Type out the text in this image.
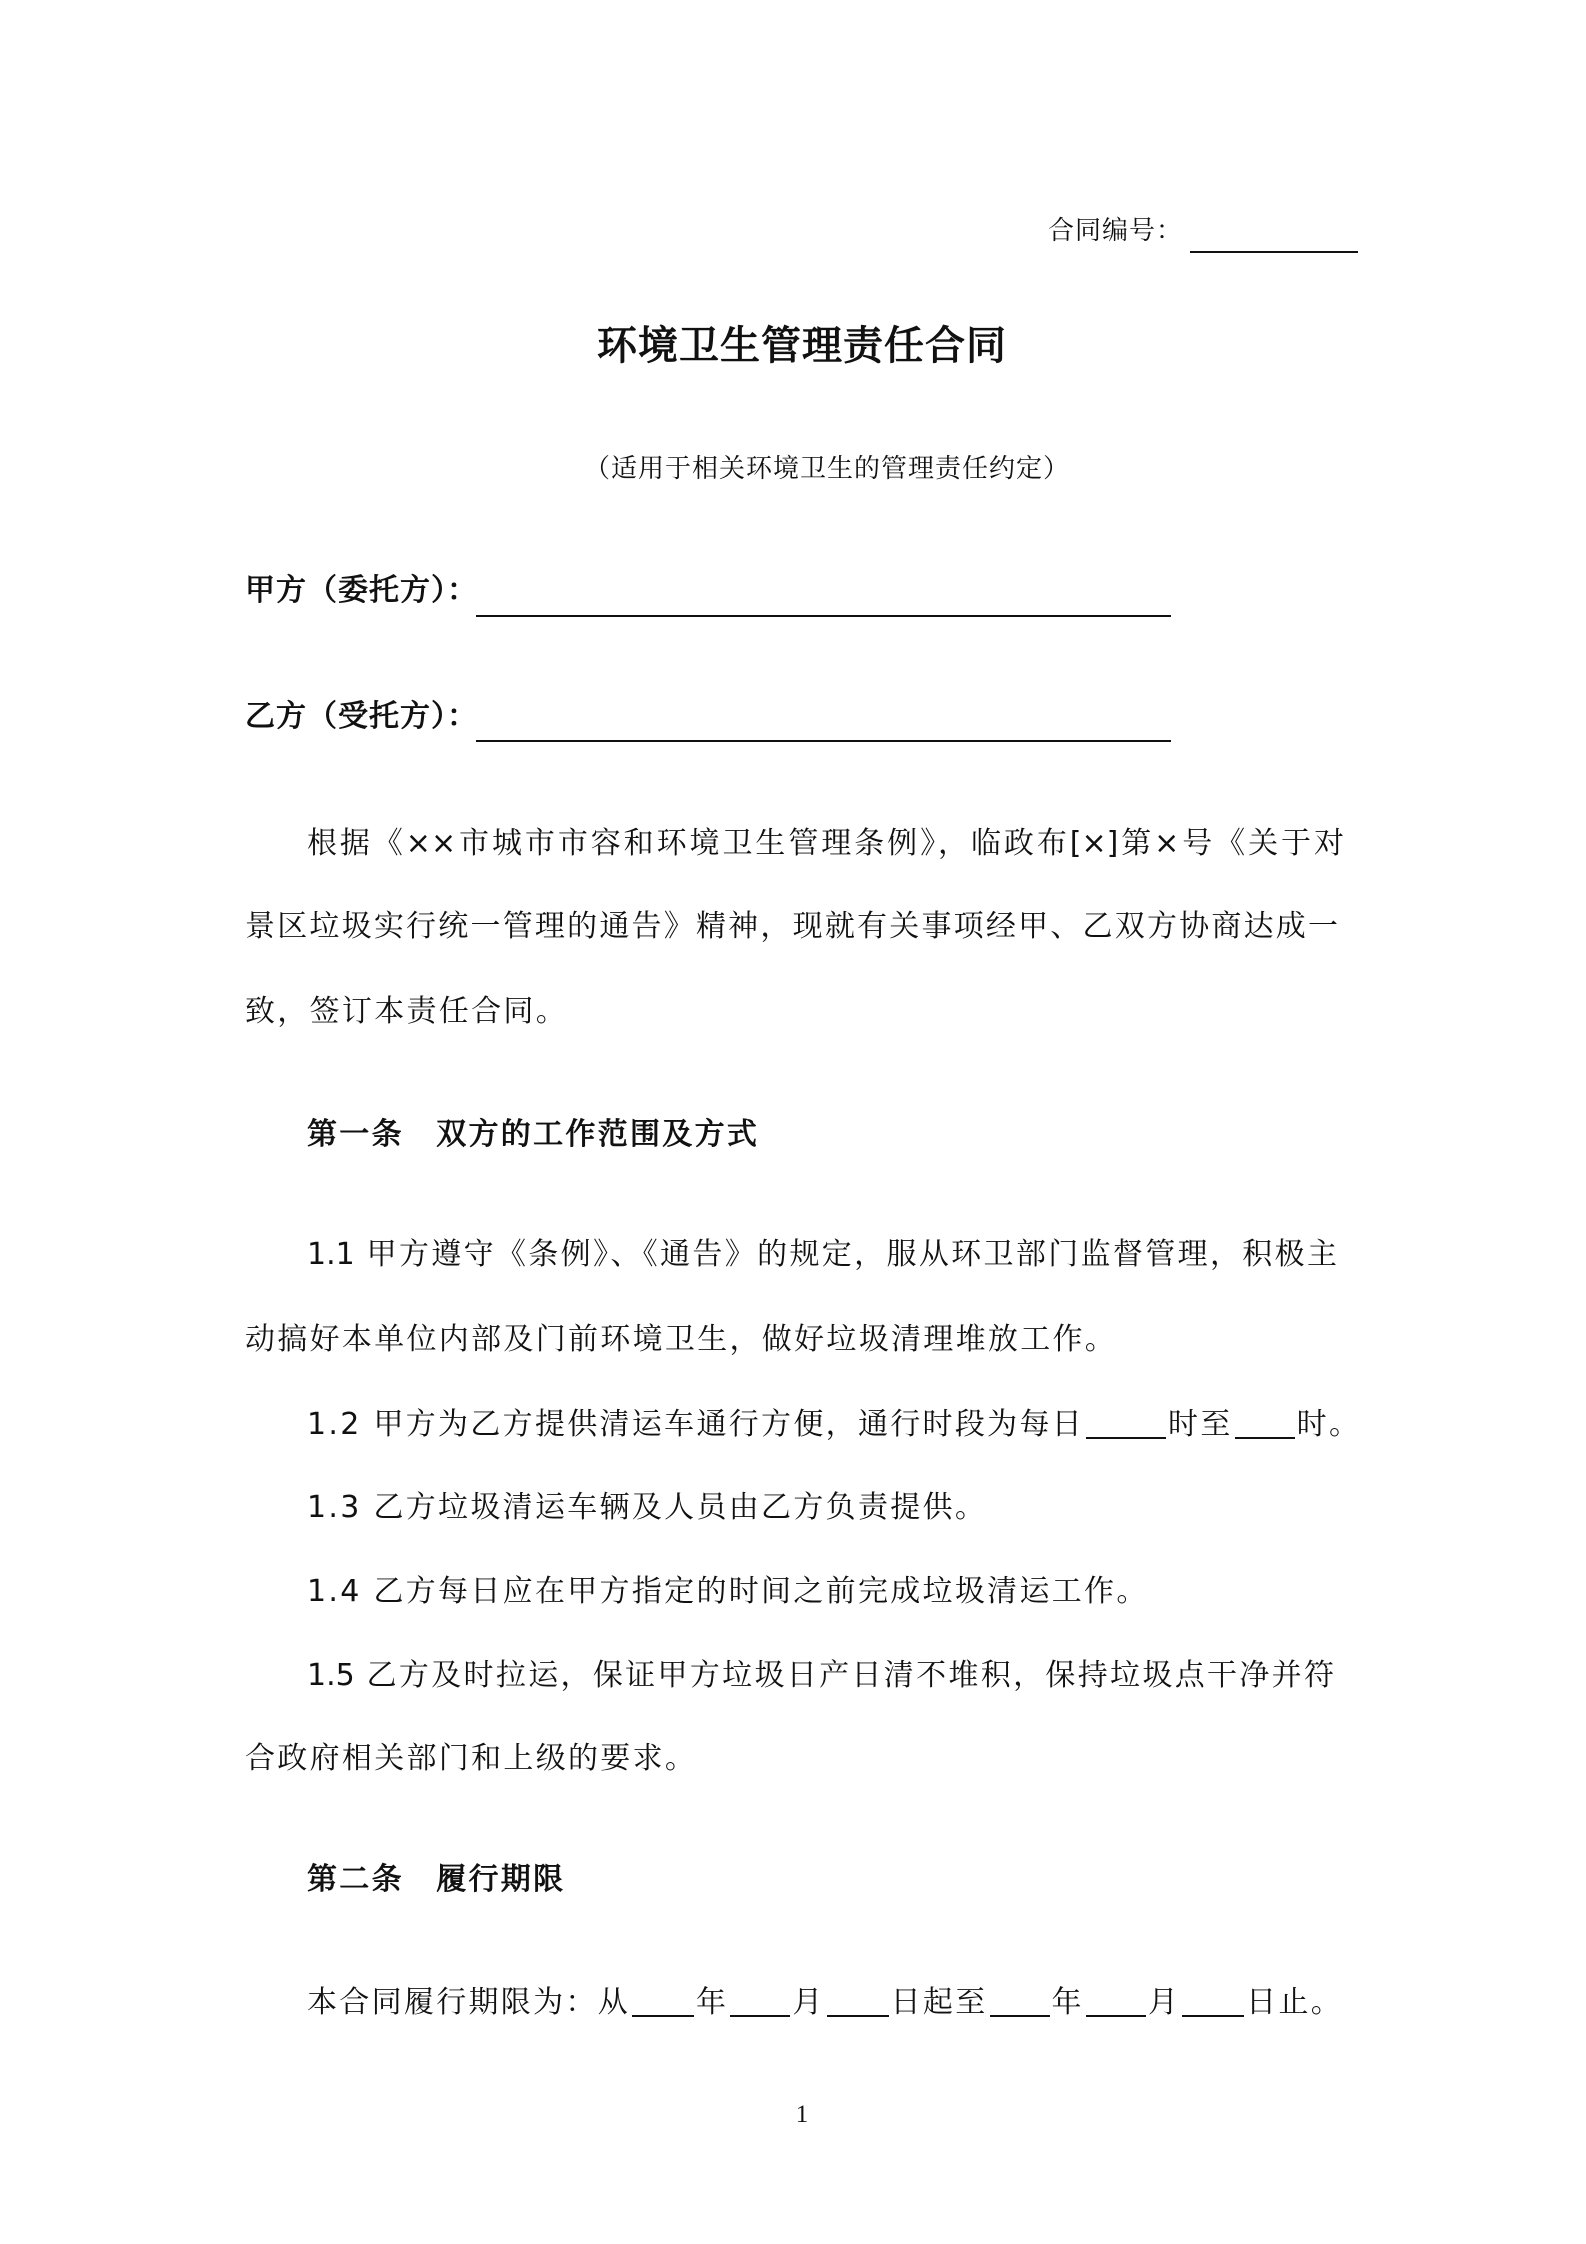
合同编号：
环境卫生管理责任合同
（适用于相关环境卫生的管理责任约定）
甲方（委托方）：
乙方（受托方）：
根据《××市城市市容和环境卫生管理条例》，临政布[×]第×号《关于对
景区垃圾实行统一管理的通告》精神，现就有关事项经甲、乙双方协商达成一
致，签订本责任合同。
第一条　双方的工作范围及方式
1.1 甲方遵守《条例》、《通告》的规定，服从环卫部门监督管理，积极主
动搞好本单位内部及门前环境卫生，做好垃圾清理堆放工作。
1.2 甲方为乙方提供清运车通行方便，通行时段为每日	时至 时。
1.3 乙方垃圾清运车辆及人员由乙方负责提供。
1.4 乙方每日应在甲方指定的时间之前完成垃圾清运工作。
1.5 乙方及时拉运，保证甲方垃圾日产日清不堆积，保持垃圾点干净并符
合政府相关部门和上级的要求。
第二条　履行期限
本合同履行期限为：从 年 月 日起至 年 月 日止。
1
